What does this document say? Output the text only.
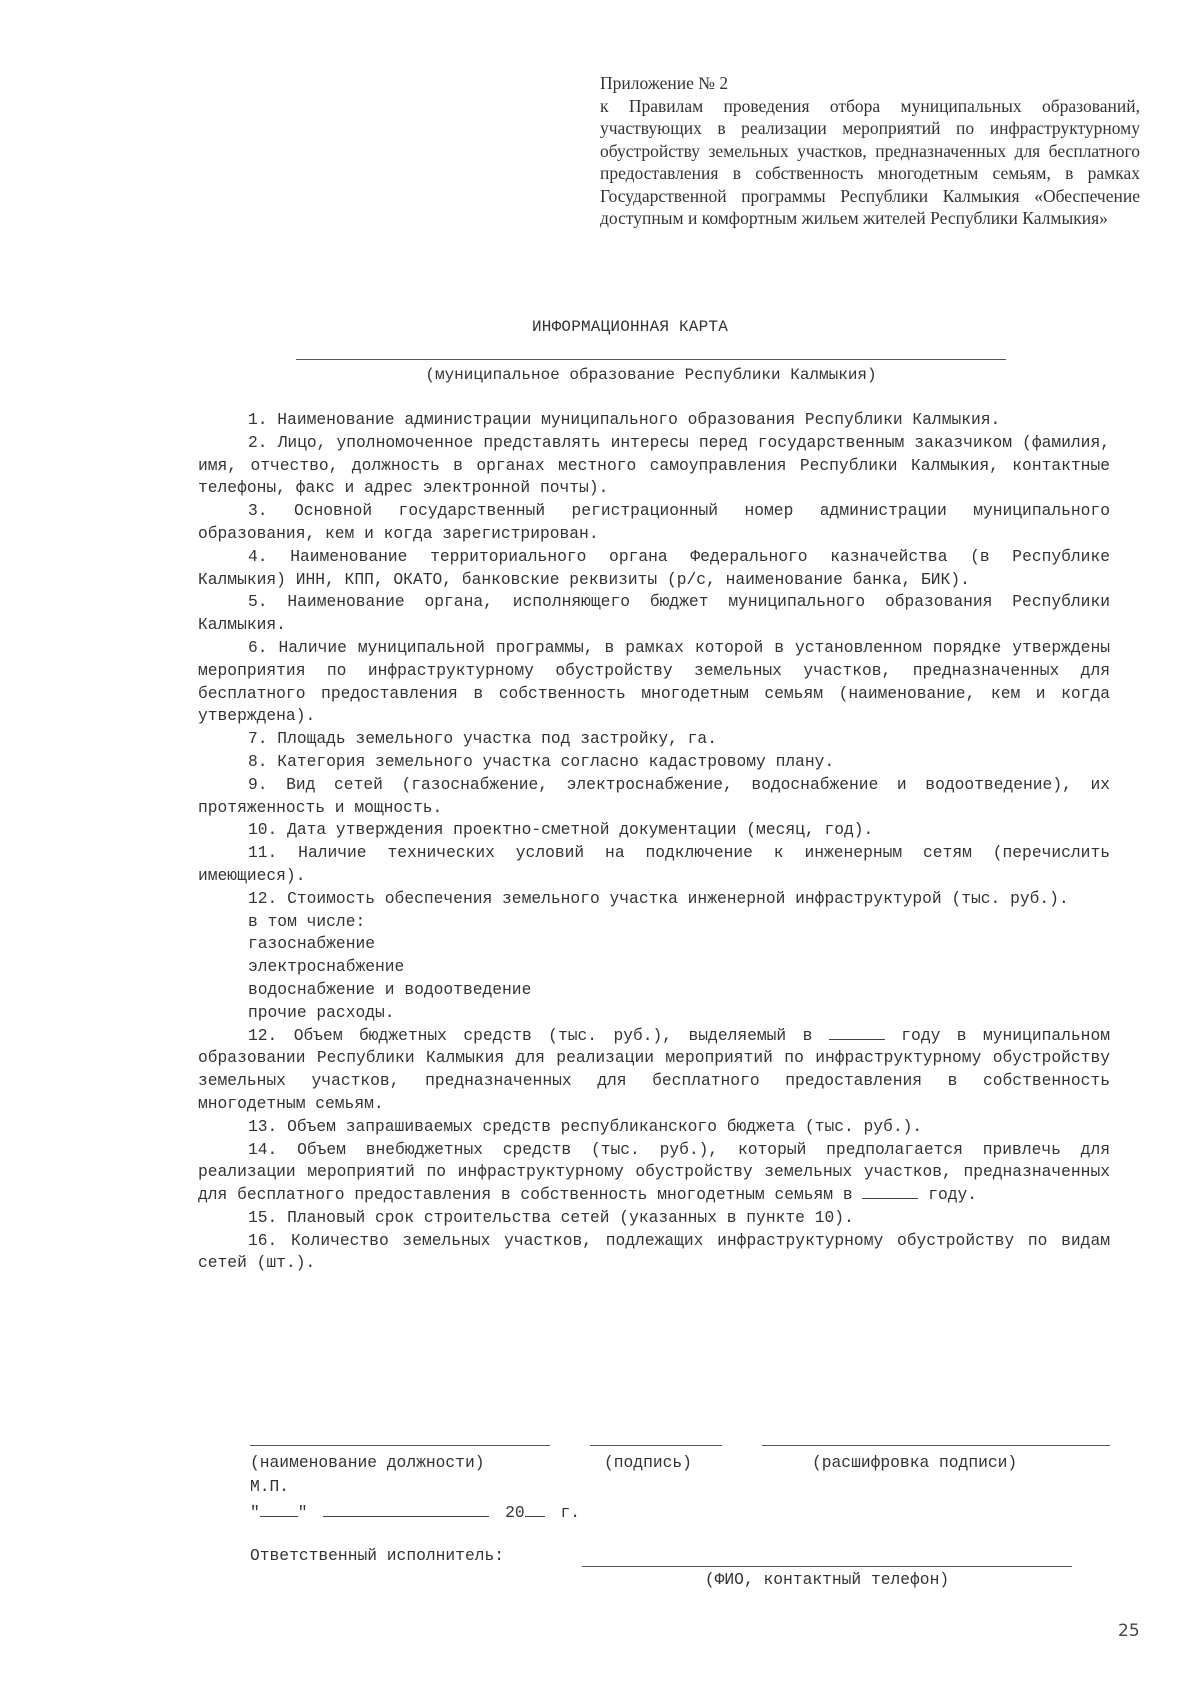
Приложение № 2
к Правилам проведения отбора муниципальных образований, участвующих в реализации мероприятий по инфраструктурному обустройству земельных участков, предназначенных для бесплатного предоставления в собственность многодетным семьям, в рамках Государственной программы Республики Калмыкия «Обеспечение доступным и комфортным жильем жителей Республики Калмыкия»
ИНФОРМАЦИОННАЯ КАРТА
(муниципальное образование Республики Калмыкия)

1. Наименование администрации муниципального образования Республики Калмыкия.

2. Лицо, уполномоченное представлять интересы перед государственным заказчиком (фамилия, имя, отчество, должность в органах местного самоуправления Республики Калмыкия, контактные телефоны, факс и адрес электронной почты).

3. Основной государственный регистрационный номер администрации муниципального образования, кем и когда зарегистрирован.

4. Наименование территориального органа Федерального казначейства (в Республике Калмыкия) ИНН, КПП, ОКАТО, банковские реквизиты (р/с, наименование банка, БИК).

5. Наименование органа, исполняющего бюджет муниципального образования Республики Калмыкия.

6. Наличие муниципальной программы, в рамках которой в установленном порядке утверждены мероприятия по инфраструктурному обустройству земельных участков, предназначенных для бесплатного предоставления в собственность многодетным семьям (наименование, кем и когда утверждена).

7. Площадь земельного участка под застройку, га.

8. Категория земельного участка согласно кадастровому плану.

9. Вид сетей (газоснабжение, электроснабжение, водоснабжение и водоотведение), их протяженность и мощность.

10. Дата утверждения проектно-сметной документации (месяц, год).

11. Наличие технических условий на подключение к инженерным сетям (перечислить имеющиеся).

12. Стоимость обеспечения земельного участка инженерной инфраструктурой (тыс. руб.).

в том числе:

газоснабжение

электроснабжение

водоснабжение и водоотведение

прочие расходы.

12. Объем бюджетных средств (тыс. руб.), выделяемый в	году в муниципальном образовании Республики Калмыкия для реализации мероприятий по инфраструктурному обустройству земельных участков, предназначенных для бесплатного предоставления в собственность многодетным семьям.

13. Объем запрашиваемых средств республиканского бюджета (тыс. руб.).

14. Объем внебюджетных средств (тыс. руб.), который предполагается привлечь для реализации мероприятий по инфраструктурному обустройству земельных участков, предназначенных для бесплатного предоставления в собственность многодетным семьям в	году.

15. Плановый срок строительства сетей (указанных в пункте 10).

16. Количество земельных участков, подлежащих инфраструктурному обустройству по видам сетей (шт.).

(наименование должности)	(подпись)	(расшифровка подписи)
М.П.
" "	20 г.
Ответственный исполнитель:
(ФИО, контактный телефон)
25
